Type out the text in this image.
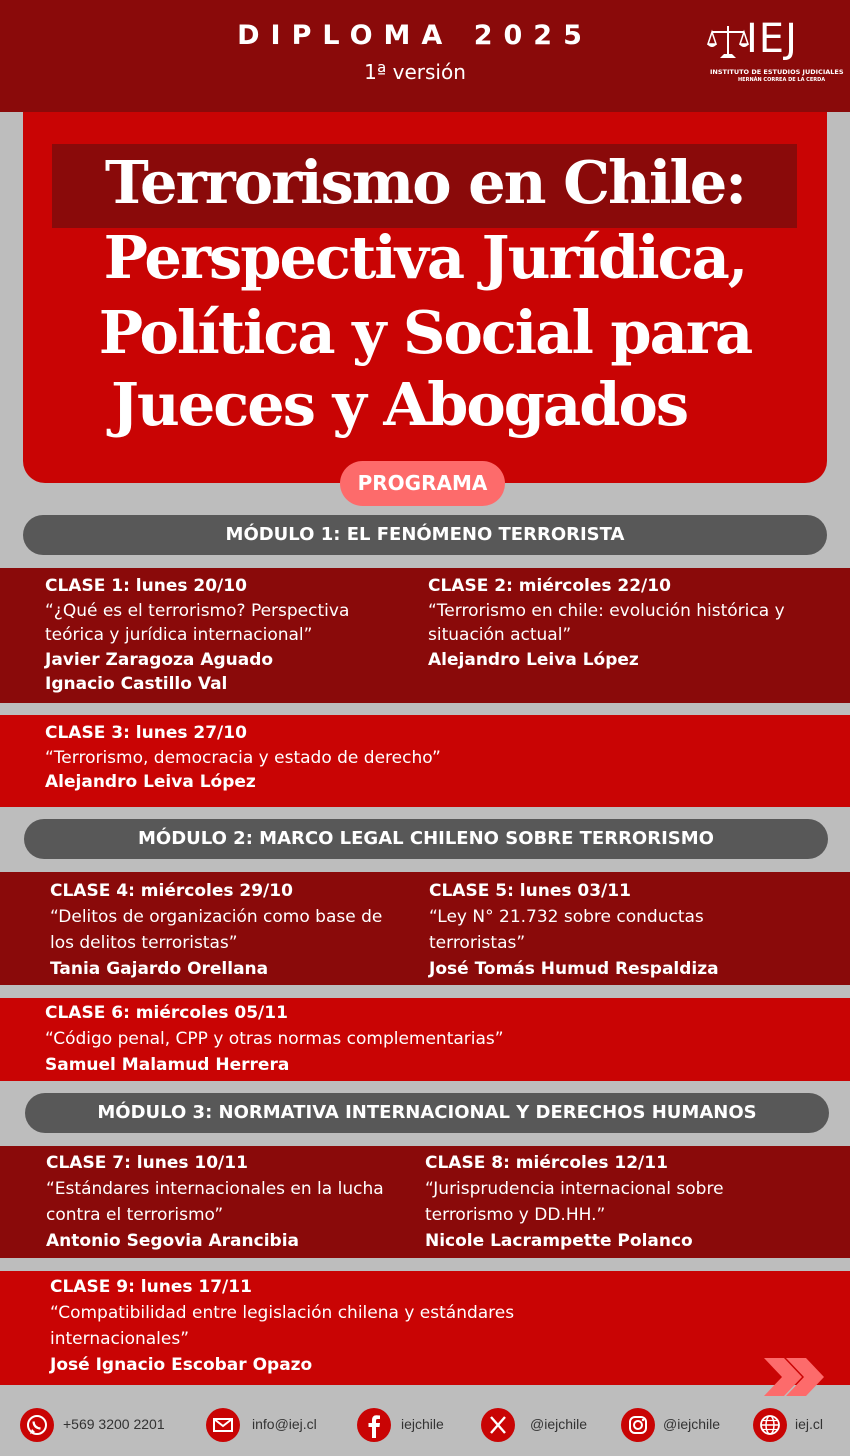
DIPLOMA 2025
1ª versión
IEJ
INSTITUTO DE ESTUDIOS JUDICIALES
HERNÁN CORREA DE LA CERDA
Terrorismo en Chile:
Perspectiva Jurídica,
Política y Social para
Jueces y Abogados
PROGRAMA
MÓDULO 1: EL FENÓMENO TERRORISTA
CLASE 1: lunes 20/10
“¿Qué es el terrorismo? Perspectiva teórica y jurídica internacional”
Javier Zaragoza Aguado
Ignacio Castillo Val
CLASE 2: miércoles 22/10
“Terrorismo en chile: evolución histórica y situación actual”
Alejandro Leiva López
CLASE 3: lunes 27/10
“Terrorismo, democracia y estado de derecho”
Alejandro Leiva López
MÓDULO 2: MARCO LEGAL CHILENO SOBRE TERRORISMO
CLASE 4: miércoles 29/10
“Delitos de organización como base de los delitos terroristas”
Tania Gajardo Orellana
CLASE 5: lunes 03/11
“Ley N° 21.732 sobre conductas terroristas”
José Tomás Humud Respaldiza
CLASE 6: miércoles 05/11
“Código penal, CPP y otras normas complementarias”
Samuel Malamud Herrera
MÓDULO 3: NORMATIVA INTERNACIONAL Y DERECHOS HUMANOS
CLASE 7: lunes 10/11
“Estándares internacionales en la lucha contra el terrorismo”
Antonio Segovia Arancibia
CLASE 8: miércoles 12/11
“Jurisprudencia internacional sobre terrorismo y DD.HH.”
Nicole Lacrampette Polanco
CLASE 9: lunes 17/11
“Compatibilidad entre legislación chilena y estándares internacionales”
José Ignacio Escobar Opazo
+569 3200 2201	info@iej.cl	iejchile	@iejchile	@iejchile	iej.cl
